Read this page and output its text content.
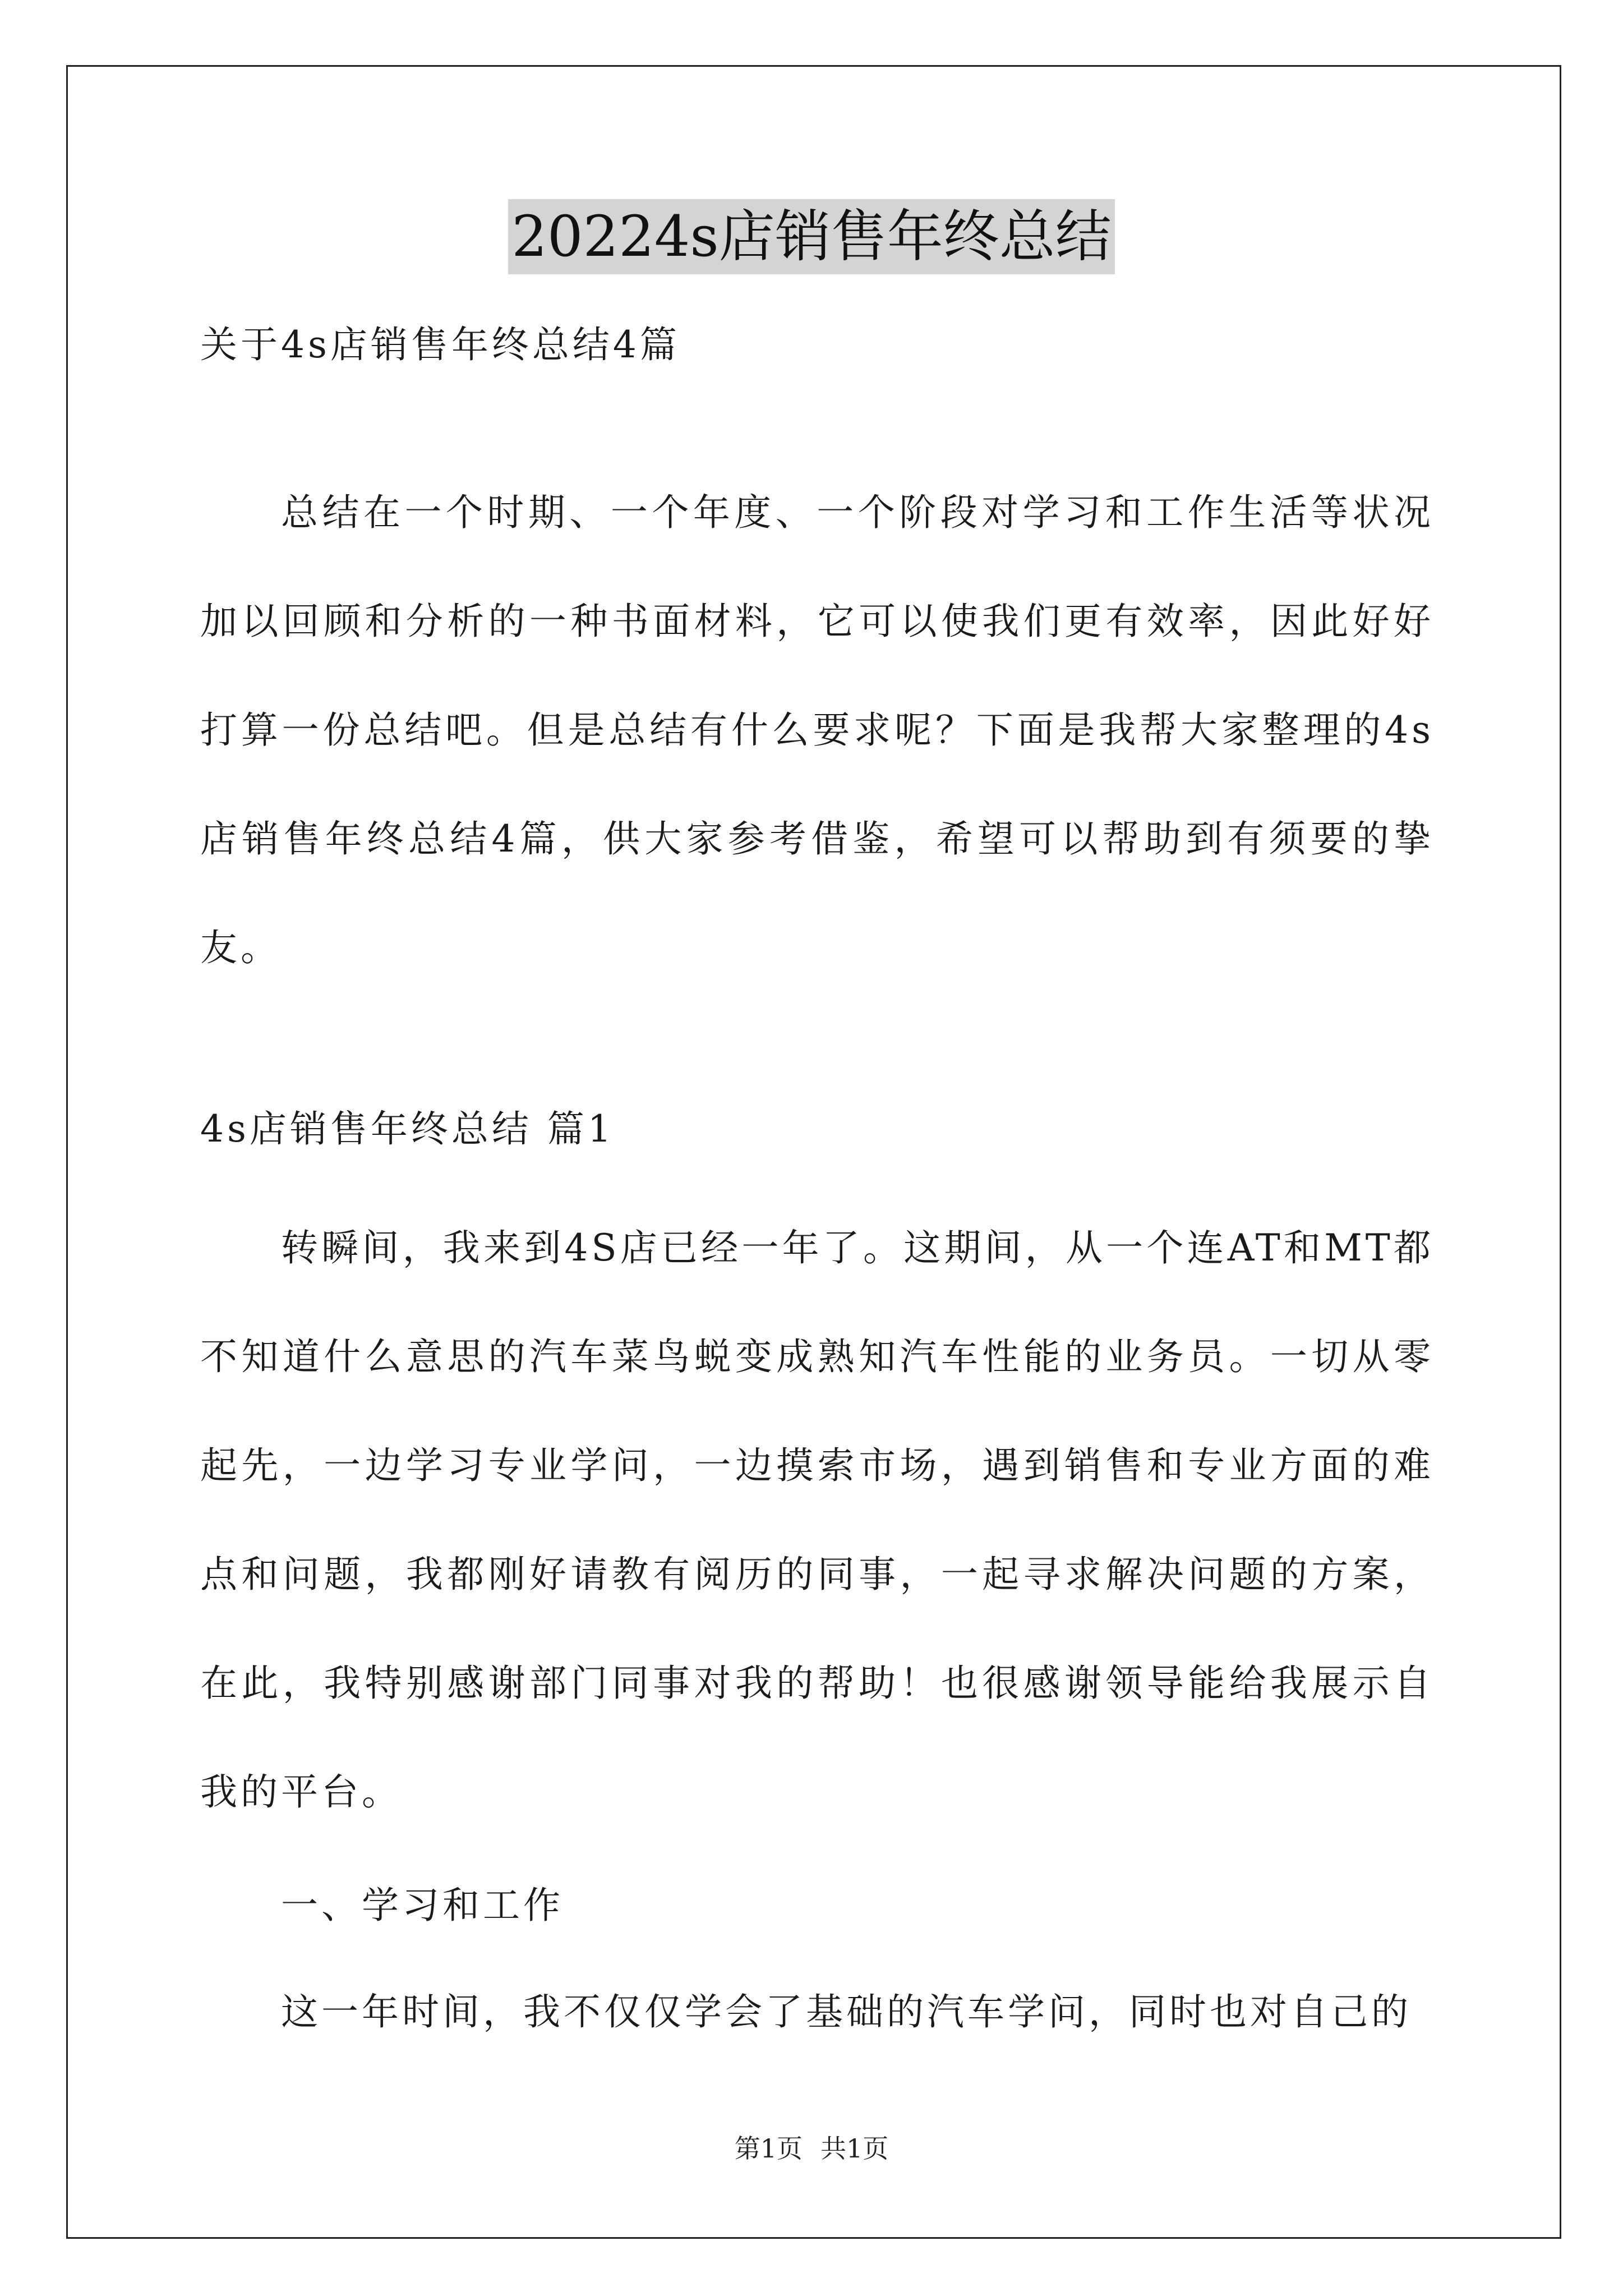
20224s店销售年终总结
关于4s店销售年终总结4篇
总结在一个时期、一个年度、一个阶段对学习和工作生活等状况加以回顾和分析的一种书面材料，它可以使我们更有效率，因此好好打算一份总结吧。但是总结有什么要求呢？下面是我帮大家整理的4s店销售年终总结4篇，供大家参考借鉴，希望可以帮助到有须要的挚友。
4s店销售年终总结 篇1
转瞬间，我来到4S店已经一年了。这期间，从一个连AT和MT都不知道什么意思的汽车菜鸟蜕变成熟知汽车性能的业务员。一切从零起先，一边学习专业学问，一边摸索市场，遇到销售和专业方面的难点和问题，我都刚好请教有阅历的同事，一起寻求解决问题的方案，在此，我特别感谢部门同事对我的帮助！也很感谢领导能给我展示自我的平台。
一、学习和工作
这一年时间，我不仅仅学会了基础的汽车学问，同时也对自己的
第1页 共1页
